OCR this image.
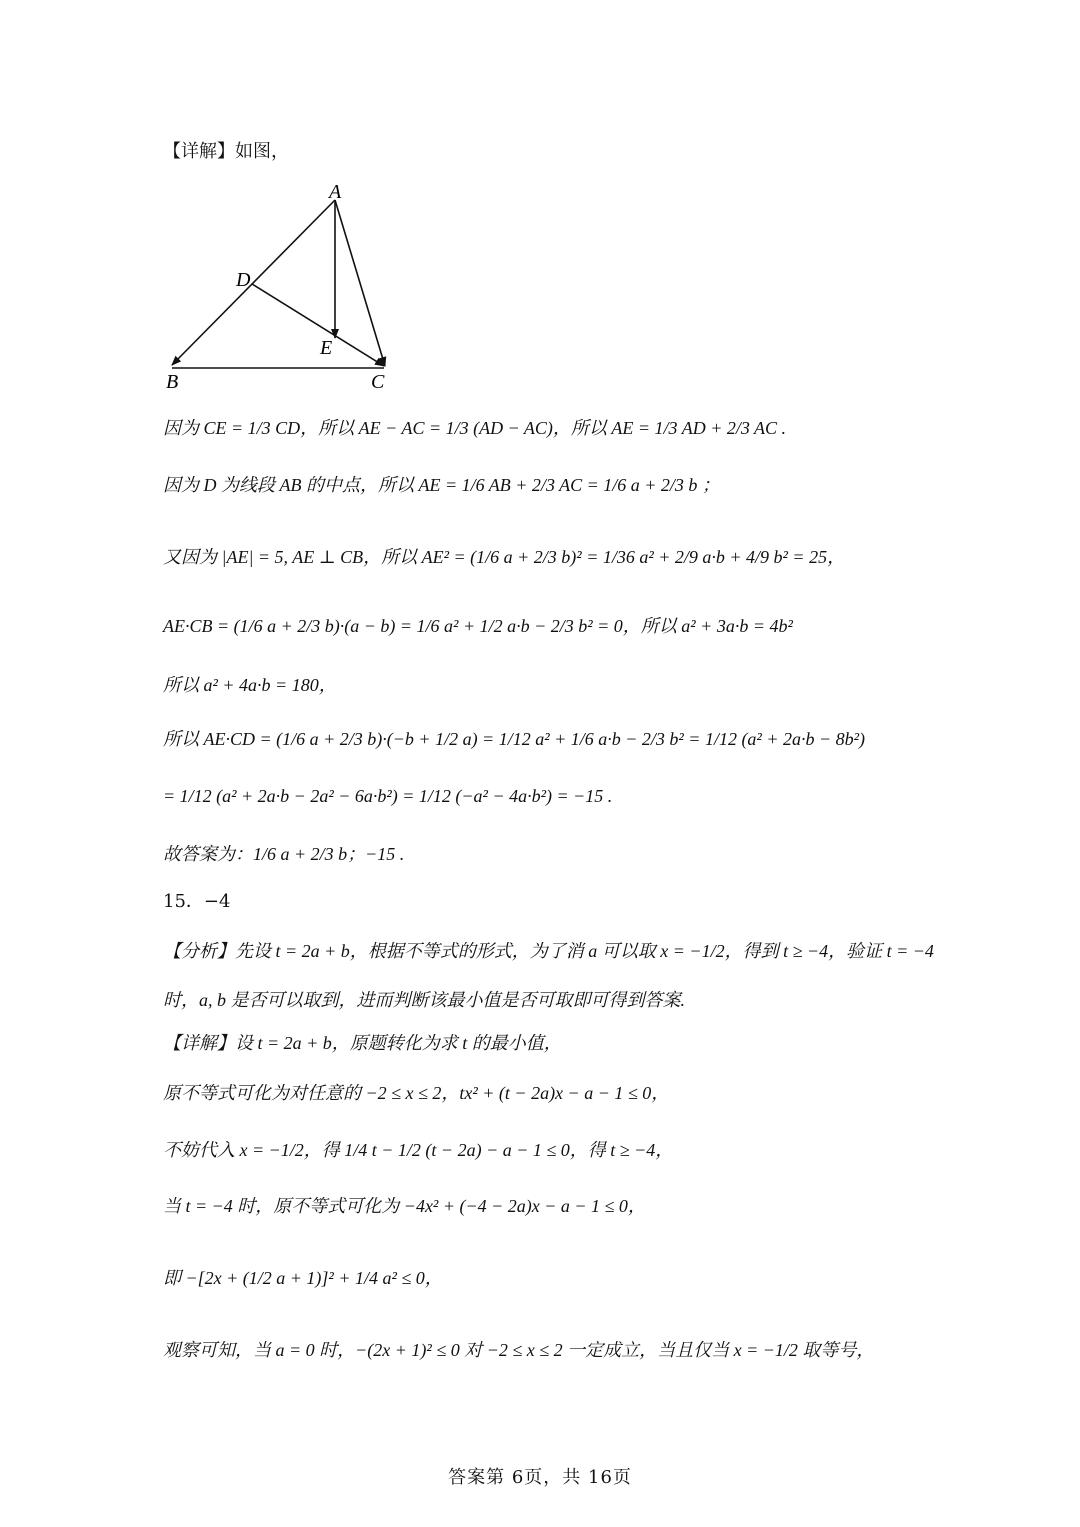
【详解】如图，
A
D
E
B	C
因为 CE = 1/3 CD，所以 AE − AC = 1/3 (AD − AC)，所以 AE = 1/3 AD + 2/3 AC .
因为 D 为线段 AB 的中点，所以 AE = 1/6 AB + 2/3 AC = 1/6 a + 2/3 b ；
又因为 |AE| = 5, AE ⊥ CB，所以 AE² = (1/6 a + 2/3 b)² = 1/36 a² + 2/9 a·b + 4/9 b² = 25，
AE·CB = (1/6 a + 2/3 b)·(a − b) = 1/6 a² + 1/2 a·b − 2/3 b² = 0，所以 a² + 3a·b = 4b²
所以 a² + 4a·b = 180，
所以 AE·CD = (1/6 a + 2/3 b)·(−b + 1/2 a) = 1/12 a² + 1/6 a·b − 2/3 b² = 1/12 (a² + 2a·b − 8b²)
= 1/12 (a² + 2a·b − 2a² − 6a·b²) = 1/12 (−a² − 4a·b²) = −15 .
故答案为：1/6 a + 2/3 b；−15 .
15．−4
【分析】先设 t = 2a + b，根据不等式的形式，为了消 a 可以取 x = −1/2，得到 t ≥ −4，验证 t = −4
时，a, b 是否可以取到，进而判断该最小值是否可取即可得到答案.
【详解】设 t = 2a + b，原题转化为求 t 的最小值，
原不等式可化为对任意的 −2 ≤ x ≤ 2，tx² + (t − 2a)x − a − 1 ≤ 0，
不妨代入 x = −1/2，得 1/4 t − 1/2 (t − 2a) − a − 1 ≤ 0，得 t ≥ −4，
当 t = −4 时，原不等式可化为 −4x² + (−4 − 2a)x − a − 1 ≤ 0，
即 −[2x + (1/2 a + 1)]² + 1/4 a² ≤ 0，
观察可知，当 a = 0 时，−(2x + 1)² ≤ 0 对 −2 ≤ x ≤ 2 一定成立，当且仅当 x = −1/2 取等号，
答案第 6页，共 16页
